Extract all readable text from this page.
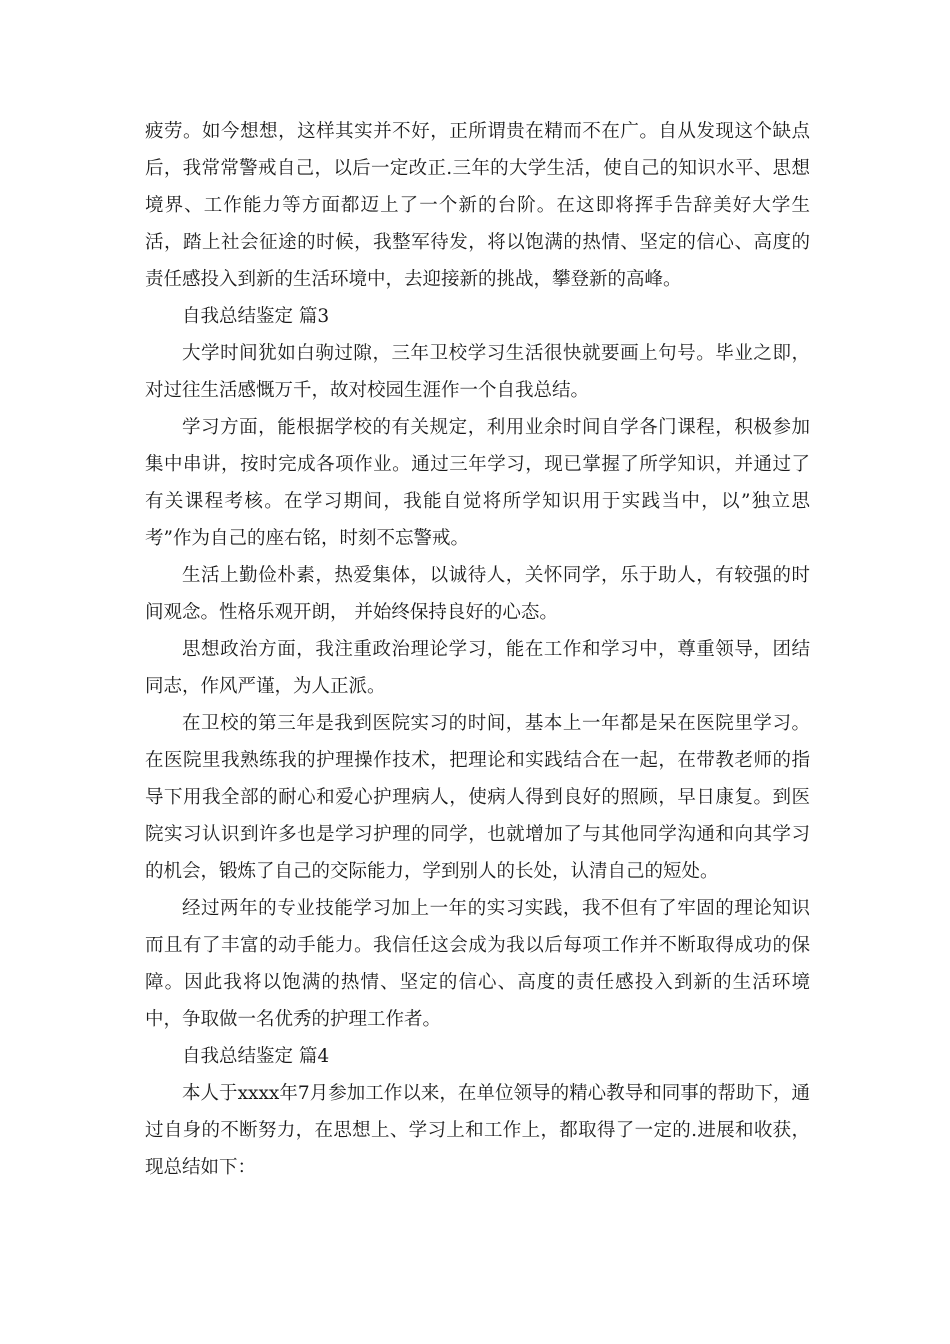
疲劳。如今想想，这样其实并不好，正所谓贵在精而不在广。自从发现这个缺点后，我常常警戒自己，以后一定改正.三年的大学生活，使自己的知识水平、思想境界、工作能力等方面都迈上了一个新的台阶。在这即将挥手告辞美好大学生活，踏上社会征途的时候，我整军待发，将以饱满的热情、坚定的信心、高度的责任感投入到新的生活环境中，去迎接新的挑战，攀登新的高峰。

自我总结鉴定 篇3

大学时间犹如白驹过隙，三年卫校学习生活很快就要画上句号。毕业之即，对过往生活感慨万千，故对校园生涯作一个自我总结。

学习方面，能根据学校的有关规定，利用业余时间自学各门课程，积极参加集中串讲，按时完成各项作业。通过三年学习，现已掌握了所学知识，并通过了有关课程考核。在学习期间，我能自觉将所学知识用于实践当中，以”独立思考”作为自己的座右铭，时刻不忘警戒。

生活上勤俭朴素，热爱集体，以诚待人，关怀同学，乐于助人，有较强的时间观念。性格乐观开朗， 并始终保持良好的心态。

思想政治方面，我注重政治理论学习，能在工作和学习中，尊重领导，团结同志，作风严谨，为人正派。

在卫校的第三年是我到医院实习的时间，基本上一年都是呆在医院里学习。在医院里我熟练我的护理操作技术，把理论和实践结合在一起，在带教老师的指导下用我全部的耐心和爱心护理病人，使病人得到良好的照顾，早日康复。到医院实习认识到许多也是学习护理的同学，也就增加了与其他同学沟通和向其学习的机会，锻炼了自己的交际能力，学到别人的长处，认清自己的短处。

经过两年的专业技能学习加上一年的实习实践，我不但有了牢固的理论知识而且有了丰富的动手能力。我信任这会成为我以后每项工作并不断取得成功的保障。因此我将以饱满的热情、坚定的信心、高度的责任感投入到新的生活环境中，争取做一名优秀的护理工作者。

自我总结鉴定 篇4

本人于xxxx年7月参加工作以来，在单位领导的精心教导和同事的帮助下，通过自身的不断努力，在思想上、学习上和工作上，都取得了一定的.进展和收获，现总结如下：
